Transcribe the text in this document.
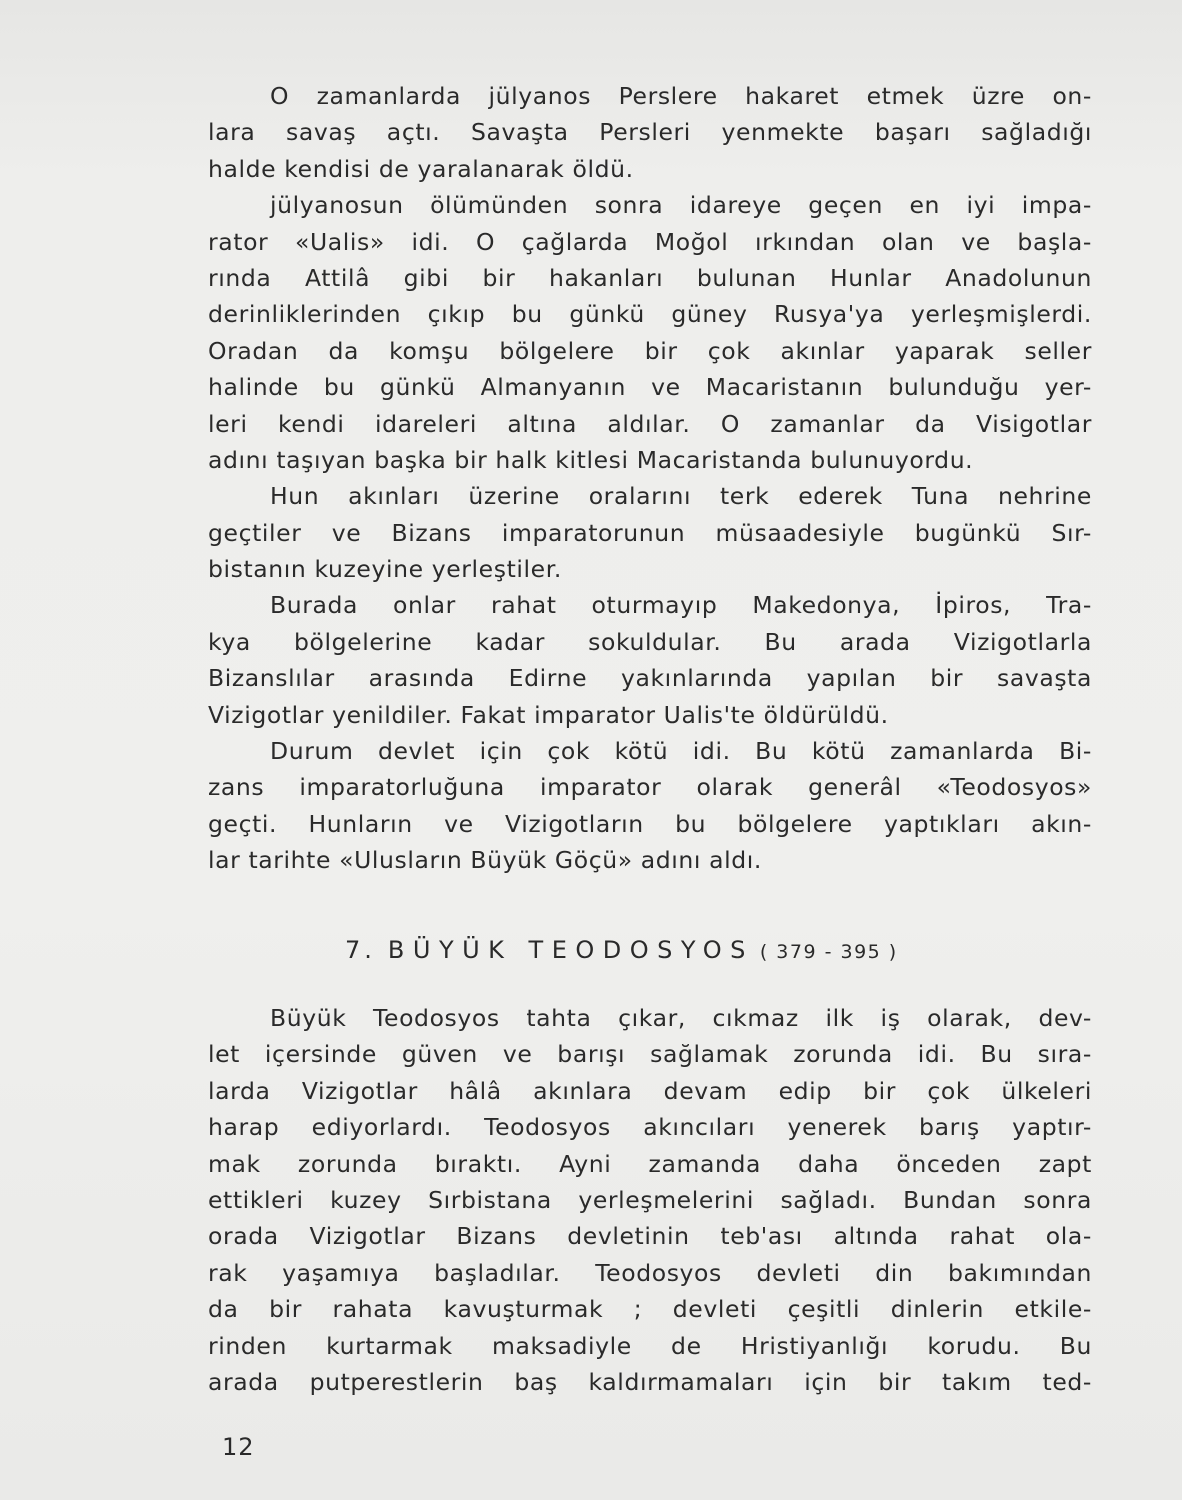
O zamanlarda jülyanos Perslere hakaret etmek üzre on-
lara savaş açtı. Savaşta Persleri yenmekte başarı sağladığı
halde kendisi de yaralanarak öldü.
jülyanosun ölümünden sonra idareye geçen en iyi impa-
rator «Ualis» idi. O çağlarda Moğol ırkından olan ve başla-
rında Attilâ gibi bir hakanları bulunan Hunlar Anadolunun
derinliklerinden çıkıp bu günkü güney Rusya'ya yerleşmişlerdi.
Oradan da komşu bölgelere bir çok akınlar yaparak seller
halinde bu günkü Almanyanın ve Macaristanın bulunduğu yer-
leri kendi idareleri altına aldılar. O zamanlar da Visigotlar
adını taşıyan başka bir halk kitlesi Macaristanda bulunuyordu.
Hun akınları üzerine oralarını terk ederek Tuna nehrine
geçtiler ve Bizans imparatorunun müsaadesiyle bugünkü Sır-
bistanın kuzeyine yerleştiler.
Burada onlar rahat oturmayıp Makedonya, İpiros, Tra-
kya bölgelerine kadar sokuldular. Bu arada Vizigotlarla
Bizanslılar arasında Edirne yakınlarında yapılan bir savaşta
Vizigotlar yenildiler. Fakat imparator Ualis'te öldürüldü.
Durum devlet için çok kötü idi. Bu kötü zamanlarda Bi-
zans imparatorluğuna imparator olarak generâl «Teodosyos»
geçti. Hunların ve Vizigotların bu bölgelere yaptıkları akın-
lar tarihte «Ulusların Büyük Göçü» adını aldı.
7. BÜYÜK TEODOSYOS ( 379 - 395 )
Büyük Teodosyos tahta çıkar, cıkmaz ilk iş olarak, dev-
let içersinde güven ve barışı sağlamak zorunda idi. Bu sıra-
larda Vizigotlar hâlâ akınlara devam edip bir çok ülkeleri
harap ediyorlardı. Teodosyos akıncıları yenerek barış yaptır-
mak zorunda bıraktı. Ayni zamanda daha önceden zapt
ettikleri kuzey Sırbistana yerleşmelerini sağladı. Bundan sonra
orada Vizigotlar Bizans devletinin teb'ası altında rahat ola-
rak yaşamıya başladılar. Teodosyos devleti din bakımından
da bir rahata kavuşturmak ; devleti çeşitli dinlerin etkile-
rinden kurtarmak maksadiyle de Hristiyanlığı korudu. Bu
arada putperestlerin baş kaldırmamaları için bir takım ted-
12
